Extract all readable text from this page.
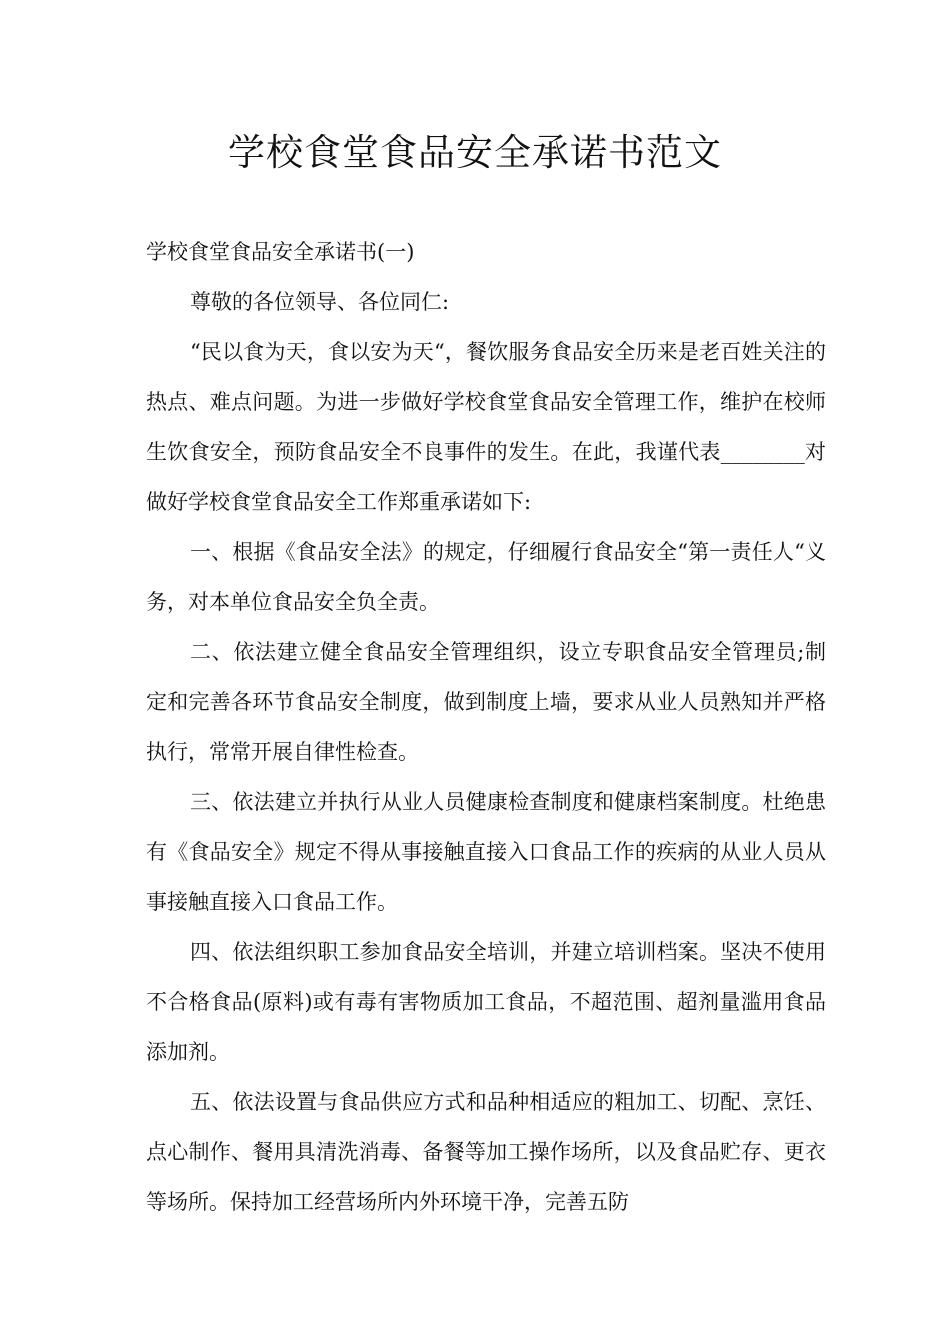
学校食堂食品安全承诺书范文

学校食堂食品安全承诺书(一)

尊敬的各位领导、各位同仁:

“民以食为天，食以安为天“，餐饮服务食品安全历来是老百姓关注的热点、难点问题。为进一步做好学校食堂食品安全管理工作，维护在校师生饮食安全，预防食品安全不良事件的发生。在此，我谨代表________对做好学校食堂食品安全工作郑重承诺如下:

一、根据《食品安全法》的规定，仔细履行食品安全“第一责任人“义务，对本单位食品安全负全责。

二、依法建立健全食品安全管理组织，设立专职食品安全管理员;制定和完善各环节食品安全制度，做到制度上墙，要求从业人员熟知并严格执行，常常开展自律性检查。

三、依法建立并执行从业人员健康检查制度和健康档案制度。杜绝患有《食品安全》规定不得从事接触直接入口食品工作的疾病的从业人员从事接触直接入口食品工作。

四、依法组织职工参加食品安全培训，并建立培训档案。坚决不使用不合格食品(原料)或有毒有害物质加工食品，不超范围、超剂量滥用食品添加剂。

五、依法设置与食品供应方式和品种相适应的粗加工、切配、烹饪、点心制作、餐用具清洗消毒、备餐等加工操作场所，以及食品贮存、更衣等场所。保持加工经营场所内外环境干净，完善五防
